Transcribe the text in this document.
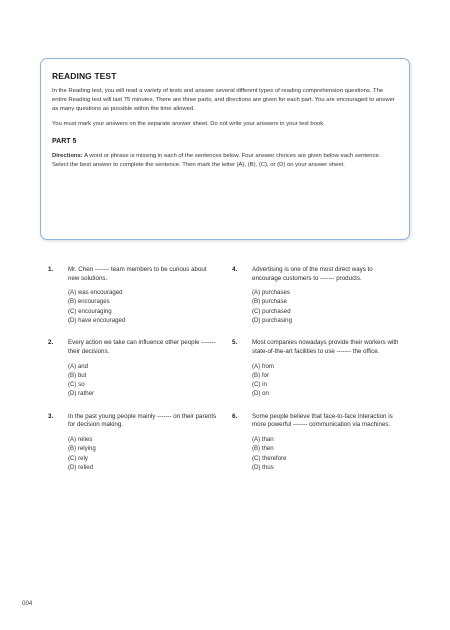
READING TEST

In the Reading test, you will read a variety of texts and answer several different types of reading comprehension questions. The entire Reading test will last 75 minutes. There are three parts, and directions are given for each part. You are encouraged to answer as many questions as possible within the time allowed.

You must mark your answers on the separate answer sheet. Do not write your answers in your test book.

PART 5

Directions: A word or phrase is missing in each of the sentences below. Four answer choices are given below each sentence. Select the best answer to complete the sentence. Then mark the letter (A), (B), (C), or (D) on your answer sheet.

1. Mr. Chen ------- team members to be curious about new solutions.
(A) was encouraged
(B) encourages
(C) encouraging
(D) have encouraged
2. Every action we take can influence other people ------- their decisions.
(A) and
(B) but
(C) so
(D) rather
3. In the past young people mainly ------- on their parents for decision making.
(A) relies
(B) relying
(C) rely
(D) relied
4. Advertising is one of the most direct ways to encourage customers to ------- products.
(A) purchases
(B) purchase
(C) purchased
(D) purchasing
5. Most companies nowadays provide their workers with state-of-the-art facilities to use ------- the office.
(A) from
(B) for
(C) in
(D) on
6. Some people believe that face-to-face interaction is more powerful ------- communication via machines.
(A) than
(B) then
(C) therefore
(D) thus
004
